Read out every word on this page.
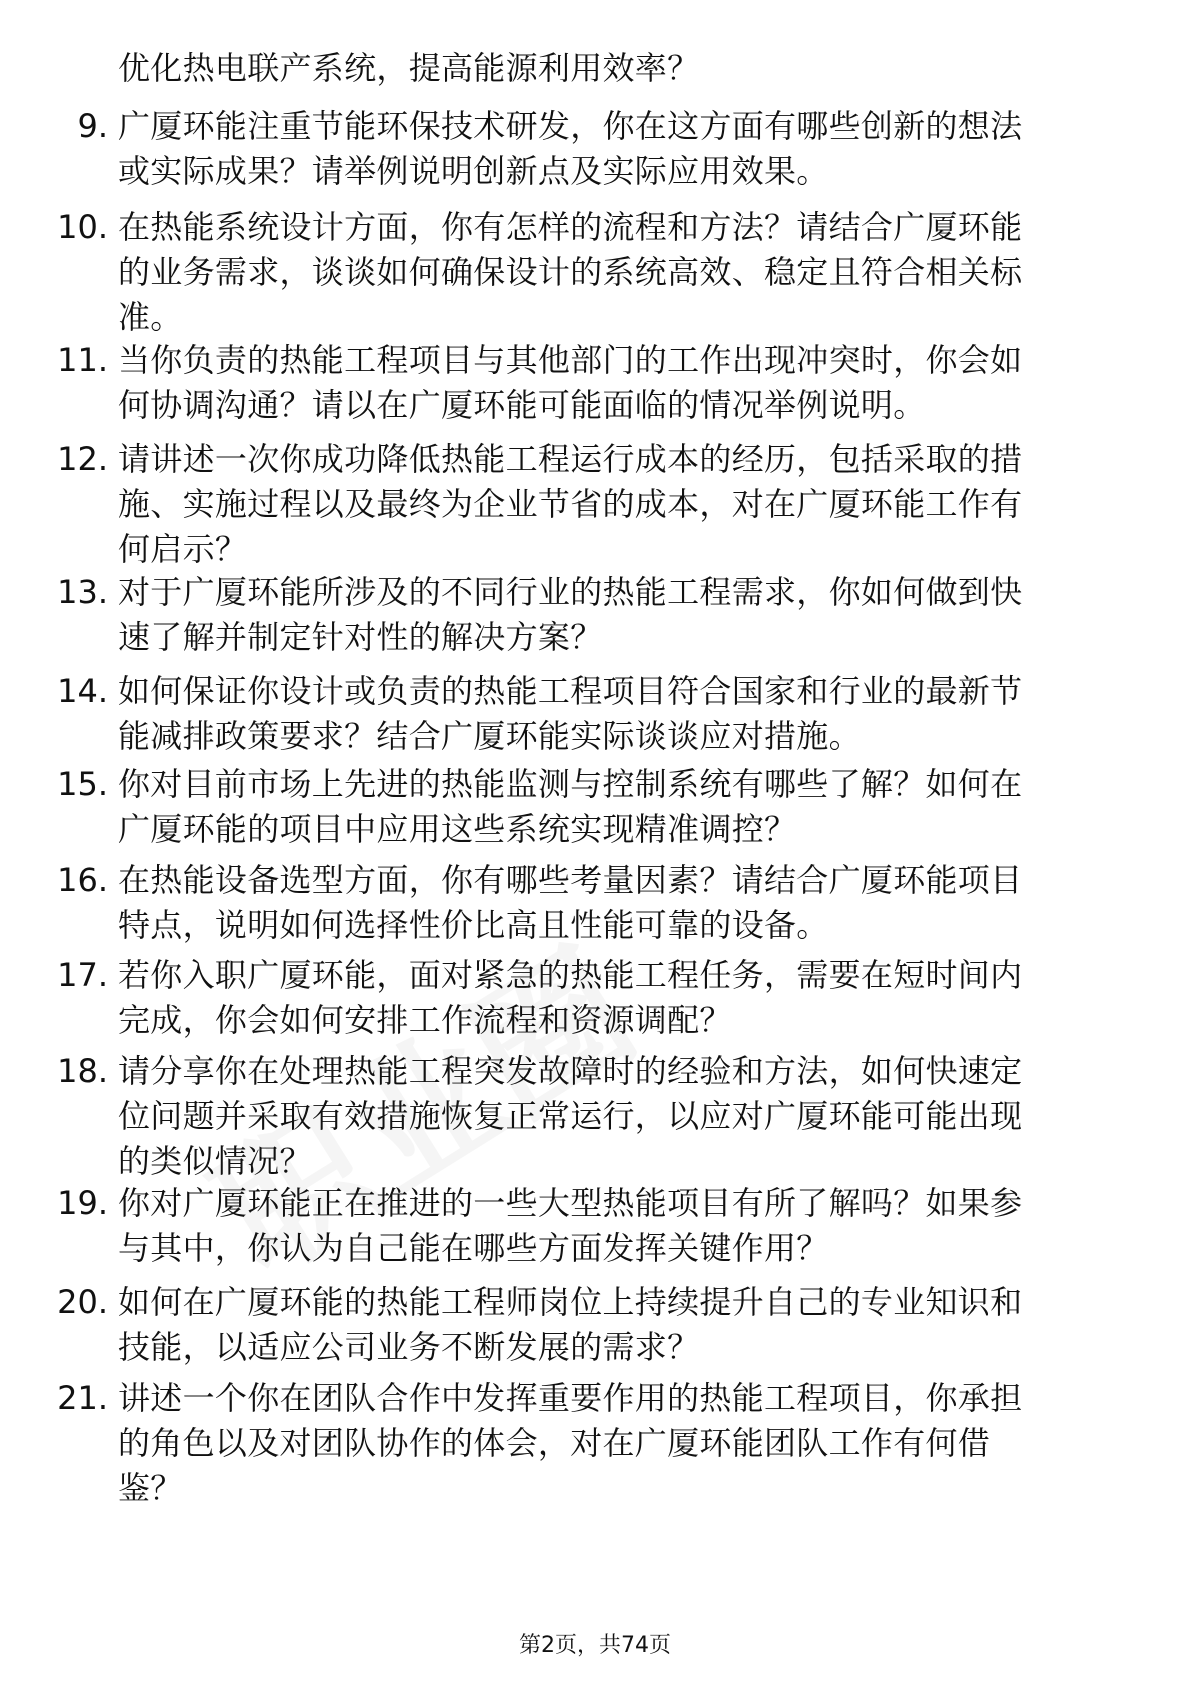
优化热电联产系统，提高能源利用效率？
9. 广厦环能注重节能环保技术研发，你在这方面有哪些创新的想法
或实际成果？请举例说明创新点及实际应用效果。
10. 在热能系统设计方面，你有怎样的流程和方法？请结合广厦环能
的业务需求，谈谈如何确保设计的系统高效、稳定且符合相关标
准。
11. 当你负责的热能工程项目与其他部门的工作出现冲突时，你会如
何协调沟通？请以在广厦环能可能面临的情况举例说明。
12. 请讲述一次你成功降低热能工程运行成本的经历，包括采取的措
施、实施过程以及最终为企业节省的成本，对在广厦环能工作有
何启示？
13. 对于广厦环能所涉及的不同行业的热能工程需求，你如何做到快
速了解并制定针对性的解决方案？
14. 如何保证你设计或负责的热能工程项目符合国家和行业的最新节
能减排政策要求？结合广厦环能实际谈谈应对措施。
15. 你对目前市场上先进的热能监测与控制系统有哪些了解？如何在
广厦环能的项目中应用这些系统实现精准调控？
16. 在热能设备选型方面，你有哪些考量因素？请结合广厦环能项目
特点，说明如何选择性价比高且性能可靠的设备。
17. 若你入职广厦环能，面对紧急的热能工程任务，需要在短时间内
完成，你会如何安排工作流程和资源调配？
18. 请分享你在处理热能工程突发故障时的经验和方法，如何快速定
位问题并采取有效措施恢复正常运行，以应对广厦环能可能出现
的类似情况？
19. 你对广厦环能正在推进的一些大型热能项目有所了解吗？如果参
与其中，你认为自己能在哪些方面发挥关键作用？
20. 如何在广厦环能的热能工程师岗位上持续提升自己的专业知识和
技能，以适应公司业务不断发展的需求？
21. 讲述一个你在团队合作中发挥重要作用的热能工程项目，你承担
的角色以及对团队协作的体会，对在广厦环能团队工作有何借
鉴？
第2页，共74页
